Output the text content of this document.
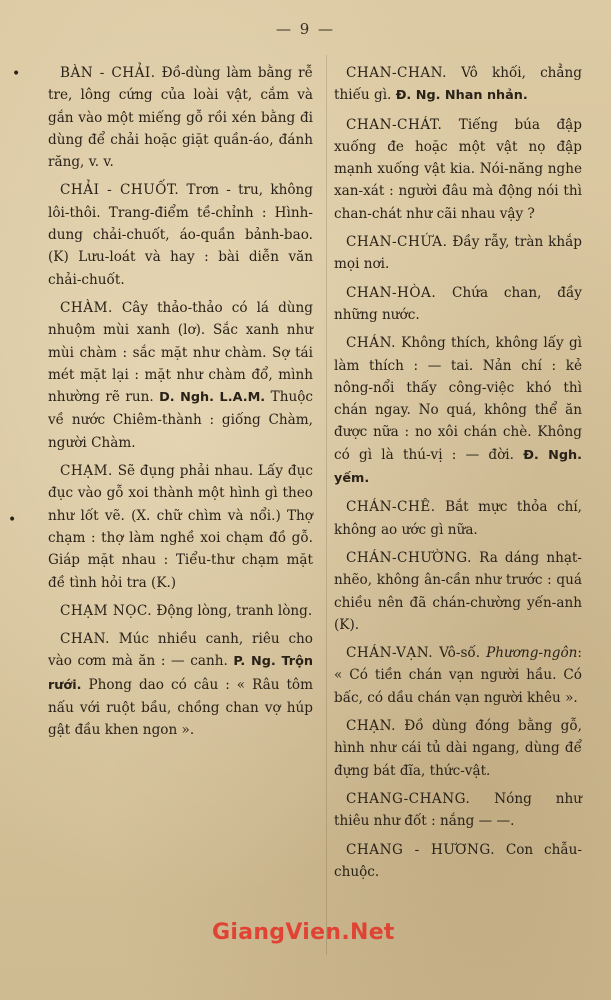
— 9 —
•
•

BÀN - CHẢI. Đồ-dùng làm bằng rễ tre, lông cứng của loài vật, cắm và gắn vào một miếng gỗ rồi xén bằng đi dùng để chải hoặc giặt quần-áo, đánh răng, v. v.

CHẢI - CHUỐT. Trơn - tru, không lôi-thôi. Trang-điểm tề-chỉnh : Hình-dung chải-chuốt, áo-quần bảnh-bao. (K) Lưu-loát và hay : bài diễn văn chải-chuốt.

CHÀM. Cây thảo-thảo có lá dùng nhuộm mùi xanh (lơ). Sắc xanh như mùi chàm : sắc mặt như chàm. Sợ tái mét mặt lại : mặt như chàm đổ, mình nhường rẽ run. D. Ngh. L.A.M. Thuộc về nước Chiêm-thành : giống Chàm, người Chàm.

CHẠM. Sẽ đụng phải nhau. Lấy đục đục vào gỗ xoi thành một hình gì theo như lốt vẽ. (X. chữ chìm và nổi.) Thợ chạm : thợ làm nghề xoi chạm đồ gỗ. Giáp mặt nhau : Tiểu-thư chạm mặt đề tình hỏi tra (K.)

CHẠM NỌC. Động lòng, tranh lòng.

CHAN. Múc nhiều canh, riêu cho vào cơm mà ăn : — canh. P. Ng. Trộn rưới. Phong dao có câu : « Râu tôm nấu với ruột bầu, chồng chan vợ húp gật đầu khen ngon ».

CHAN-CHAN. Vô khối, chẳng thiếu gì. Đ. Ng. Nhan nhản.

CHAN-CHÁT. Tiếng búa đập xuống đe hoặc một vật nọ đập mạnh xuống vật kia. Nói-năng nghe xan-xát : người đâu mà động nói thì chan-chát như cãi nhau vậy ?

CHAN-CHỨA. Đầy rẫy, tràn khắp mọi nơi.

CHAN-HÒA. Chứa chan, đầy những nước.

CHÁN. Không thích, không lấy gì làm thích : — tai. Nản chí : kẻ nông-nổi thấy công-việc khó thì chán ngay. No quá, không thể ăn được nữa : no xôi chán chè. Không có gì là thú-vị : — đời. Đ. Ngh. yếm.

CHÁN-CHÊ. Bắt mực thỏa chí, không ao ước gì nữa.

CHÁN-CHƯỜNG. Ra dáng nhạt-nhẽo, không ân-cần như trước : quá chiều nên đã chán-chường yến-anh (K).

CHÁN-VẠN. Vô-số. Phương-ngôn: « Có tiền chán vạn người hầu. Có bấc, có dầu chán vạn người khêu ».

CHẠN. Đồ dùng đóng bằng gỗ, hình như cái tủ dài ngang, dùng để đựng bát đĩa, thức-vật.

CHANG-CHANG. Nóng như thiêu như đốt : nắng — —.

CHANG - HƯƠNG. Con chẫu-chuộc.

GiangVien.Net
